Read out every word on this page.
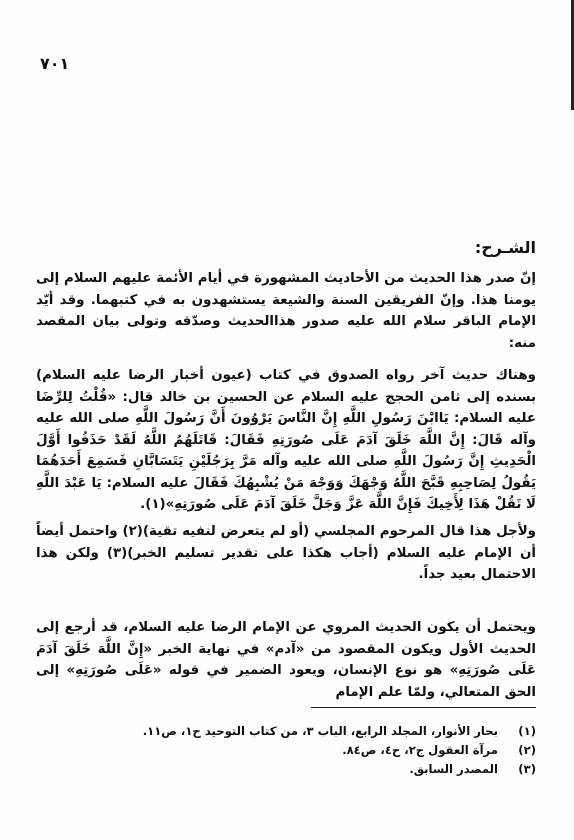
٧٠١
الشـرح:

إنّ صدر هذا الحديث من الأحاديث المشهورة في أيام الأئمة عليهم السلام إلى يومنا هذا. وإنّ الفريقين السنة والشيعة يستشهدون به في كتبهما. وقد أيّد الإمام الباقر سلام الله عليه صدور هذاالحديث وصدّقه وتولى بيان المقصد منه:

وهناك حديث آخر رواه الصدوق في كتاب (عيون أخبار الرضا عليه السلام) بسنده إلى ثامن الحجج عليه السلام عن الحسين بن خالد قال: «قُلْتُ لِلرِّضَا عليه السلام: يَاابْنَ رَسُولِ اللَّهِ إِنَّ النَّاسَ يَرْوُونَ أَنَّ رَسُولَ اللَّهِ صلى الله عليه وآله قَالَ: إِنَّ اللَّهَ خَلَقَ آدَمَ عَلَى صُورَتِهِ فَقَالَ: قَاتَلَهُمُ اللَّهُ لَقَدْ حَذَفُوا أَوَّلَ الْحَدِيثِ إِنَّ رَسُولَ اللَّهِ صلى الله عليه وآله مَرَّ بِرَجُلَيْنِ يَتَسَابَّانِ فَسَمِعَ أَحَدَهُمَا يَقُولُ لِصَاحِبِهِ قَبَّحَ اللَّهُ وَجْهَكَ وَوَجْهَ مَنْ يُشْبِهُكَ فَقَالَ عليه السلام: يَا عَبْدَ اللَّهِ لَا تَقُلْ هَذَا لِأَخِيكَ فَإِنَّ اللَّهَ عَزَّ وَجَلَّ خَلَقَ آدَمَ عَلَى صُورَتِهِ»(١).

ولأجل هذا قال المرحوم المجلسي (أو لم يتعرض لنفيه تقية)(٢) واحتمل أيضاً أن الإمام عليه السلام (أجاب هكذا على تقدير تسليم الخبر)(٣) ولكن هذا الاحتمال بعيد جداً.

ويحتمل أن يكون الحديث المروي عن الإمام الرضا عليه السلام، قد أرجع إلى الحديث الأول ويكون المقصود من «آدم» في نهاية الخبر «إِنَّ اللَّهَ خَلَقَ آدَمَ عَلَى صُورَتِهِ» هو نوع الإنسان، ويعود الضمير في قوله «عَلَى صُورَتِهِ» إلى الحق المتعالي، ولمّا علم الإمام

(١) بحار الأنوار، المجلد الرابع، الباب ٣، من كتاب التوحيد ح١، ص١١.
(٢) مرآة العقول ج٢، ح٤، ص٨٤.
(٣) المصدر السابق.
